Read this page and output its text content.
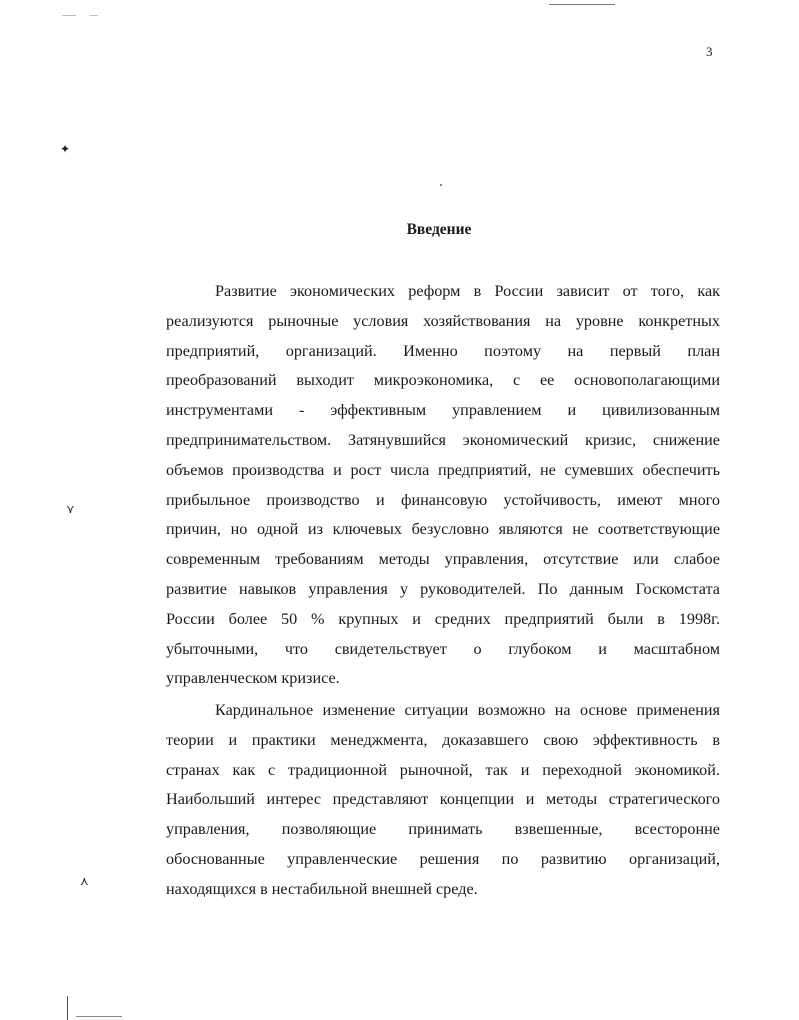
✦
⋎
⋏
3
Введение
Развитие экономических реформ в России зависит от того, как
реализуются рыночные условия хозяйствования на уровне конкретных
предприятий, организаций. Именно поэтому на первый план
преобразований выходит микроэкономика, с ее основополагающими
инструментами - эффективным управлением и цивилизованным
предпринимательством. Затянувшийся экономический кризис, снижение
объемов производства и рост числа предприятий, не сумевших обеспечить
прибыльное производство и финансовую устойчивость, имеют много
причин, но одной из ключевых безусловно являются не соответствующие
современным требованиям методы управления, отсутствие или слабое
развитие навыков управления у руководителей. По данным Госкомстата
России более 50 % крупных и средних предприятий были в 1998г.
убыточными, что свидетельствует о глубоком и масштабном
управленческом кризисе.
Кардинальное изменение ситуации возможно на основе применения
теории и практики менеджмента, доказавшего свою эффективность в
странах как с традиционной рыночной, так и переходной экономикой.
Наибольший интерес представляют концепции и методы стратегического
управления, позволяющие принимать взвешенные, всесторонне
обоснованные управленческие решения по развитию организаций,
находящихся в нестабильной внешней среде.
